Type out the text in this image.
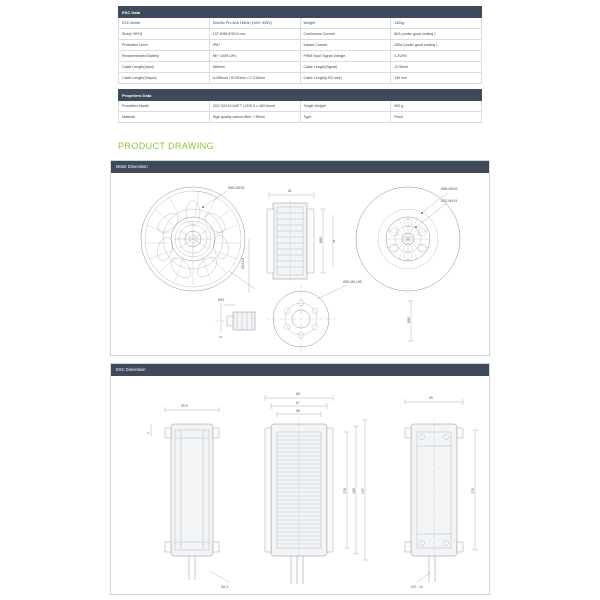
ESC Data			
ESC Model	SineSic Pro 80A 16KW (150V~435V)	Weight	1400g
Size(L*W*H)	197.8*88.5*59.5 mm	Continuous Current	80A (under good cooling )
Protection Level	IP67	Instant Current	150A (under good cooling )
Recommended Battery	96~ 100S LiPo	PWM Input Signal Voltage	3.3V/5V
Cable Length(Input)	685mm	Cable Length(Signal)	1175mm
Cable Length(Output)	A:265mm / B:290mm / C:315mm	Cable Length(LED wire)	145 mm
Propellers Data			
Propellers Model	CB2 S2X19 MATT (1320.6 x 482.6mm)	Single Weight	590 g
Material	High quality carbon fiber + Resin	Type	Fixed
PRODUCT DRAWING
Motor Dimension
Ø65-M8X8
Ø153.8
81
Ø80	45
Ø65-M8X8
Ø32-M4X4
Ø51
21
Ø50-Ø6.185
Ø90
ESC Dimension
59.5
3
88
67
56
178 188 197
65
174
Ø4.3	M3 ♀14
